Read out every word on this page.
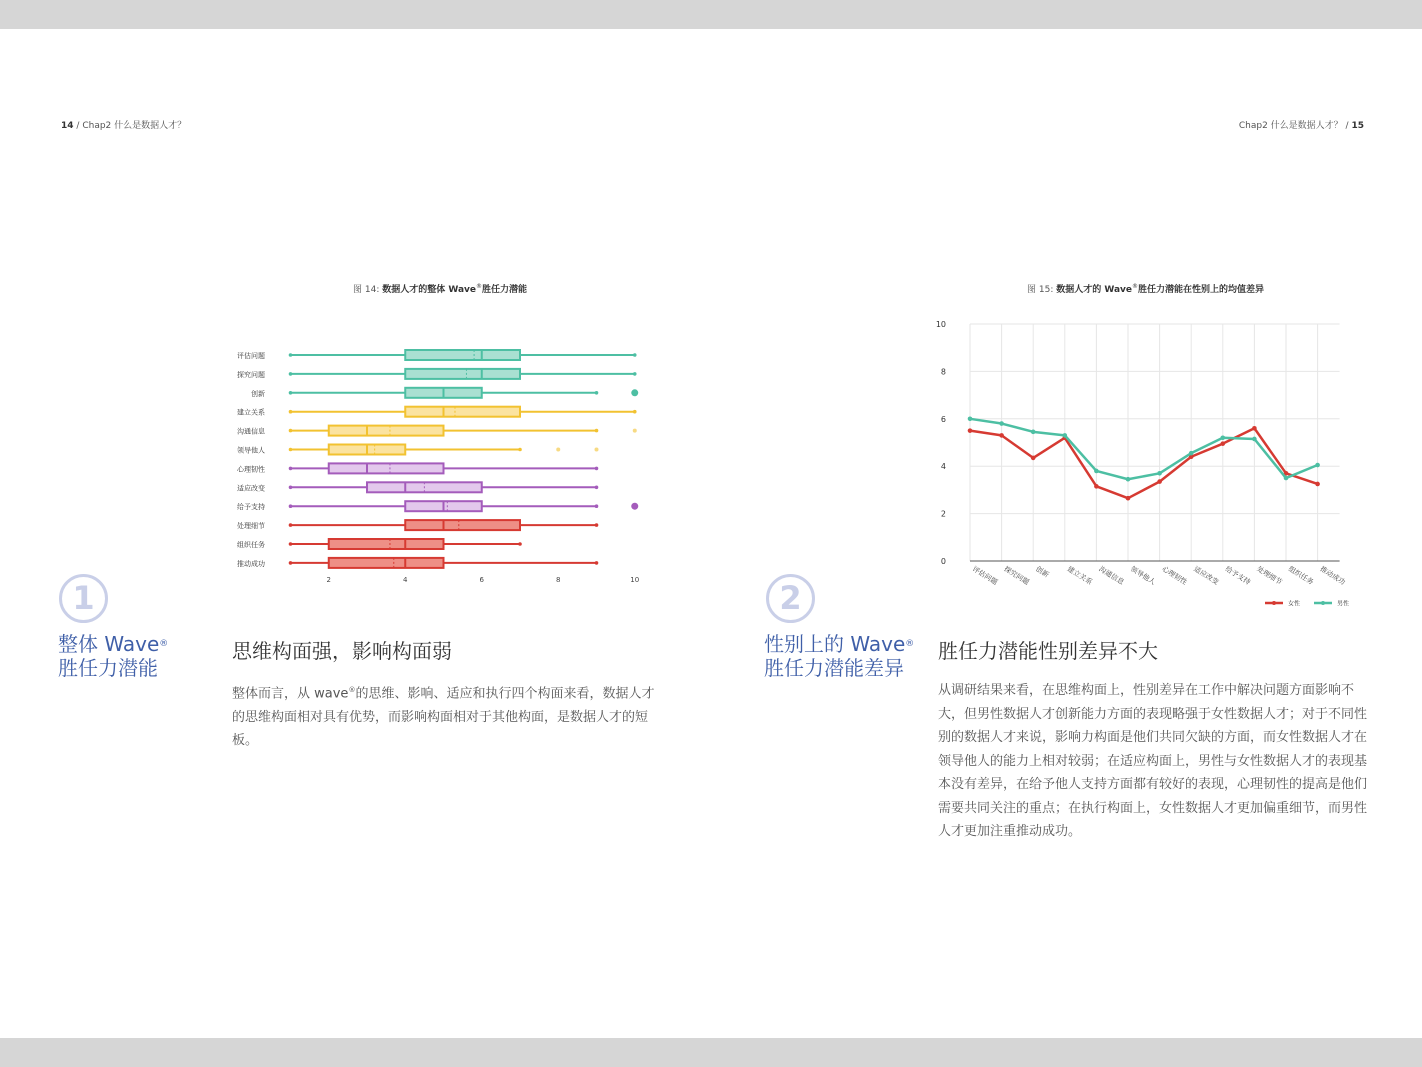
14 / Chap2 什么是数据人才？	Chap2 什么是数据人才？ / 15
图 14: 数据人才的整体 Wave®胜任力潜能
评估问题
探究问题
创新
建立关系
沟通信息
领导他人
心理韧性
适应改变
给予支持
处理细节
组织任务
推动成功
2	4	6	8	10
图 15: 数据人才的 Wave®胜任力潜能在性别上的均值差异
0
2
4
6
8
10
评估问题 探究问题 创新 建立关系 沟通信息 领导他人 心理韧性 适应改变 给予支持 处理细节 组织任务 推动成功
女性	男性
1
整体 Wave®
胜任力潜能
思维构面强，影响构面弱
整体而言，从 wave®的思维、影响、适应和执行四个构面来看，数据人才的思维构面相对具有优势，而影响构面相对于其他构面，是数据人才的短板。
2
性别上的 Wave®
胜任力潜能差异
胜任力潜能性别差异不大
从调研结果来看，在思维构面上，性别差异在工作中解决问题方面影响不大，但男性数据人才创新能力方面的表现略强于女性数据人才；对于不同性别的数据人才来说，影响力构面是他们共同欠缺的方面，而女性数据人才在领导他人的能力上相对较弱；在适应构面上，男性与女性数据人才的表现基本没有差异，在给予他人支持方面都有较好的表现，心理韧性的提高是他们需要共同关注的重点；在执行构面上，女性数据人才更加偏重细节，而男性人才更加注重推动成功。
